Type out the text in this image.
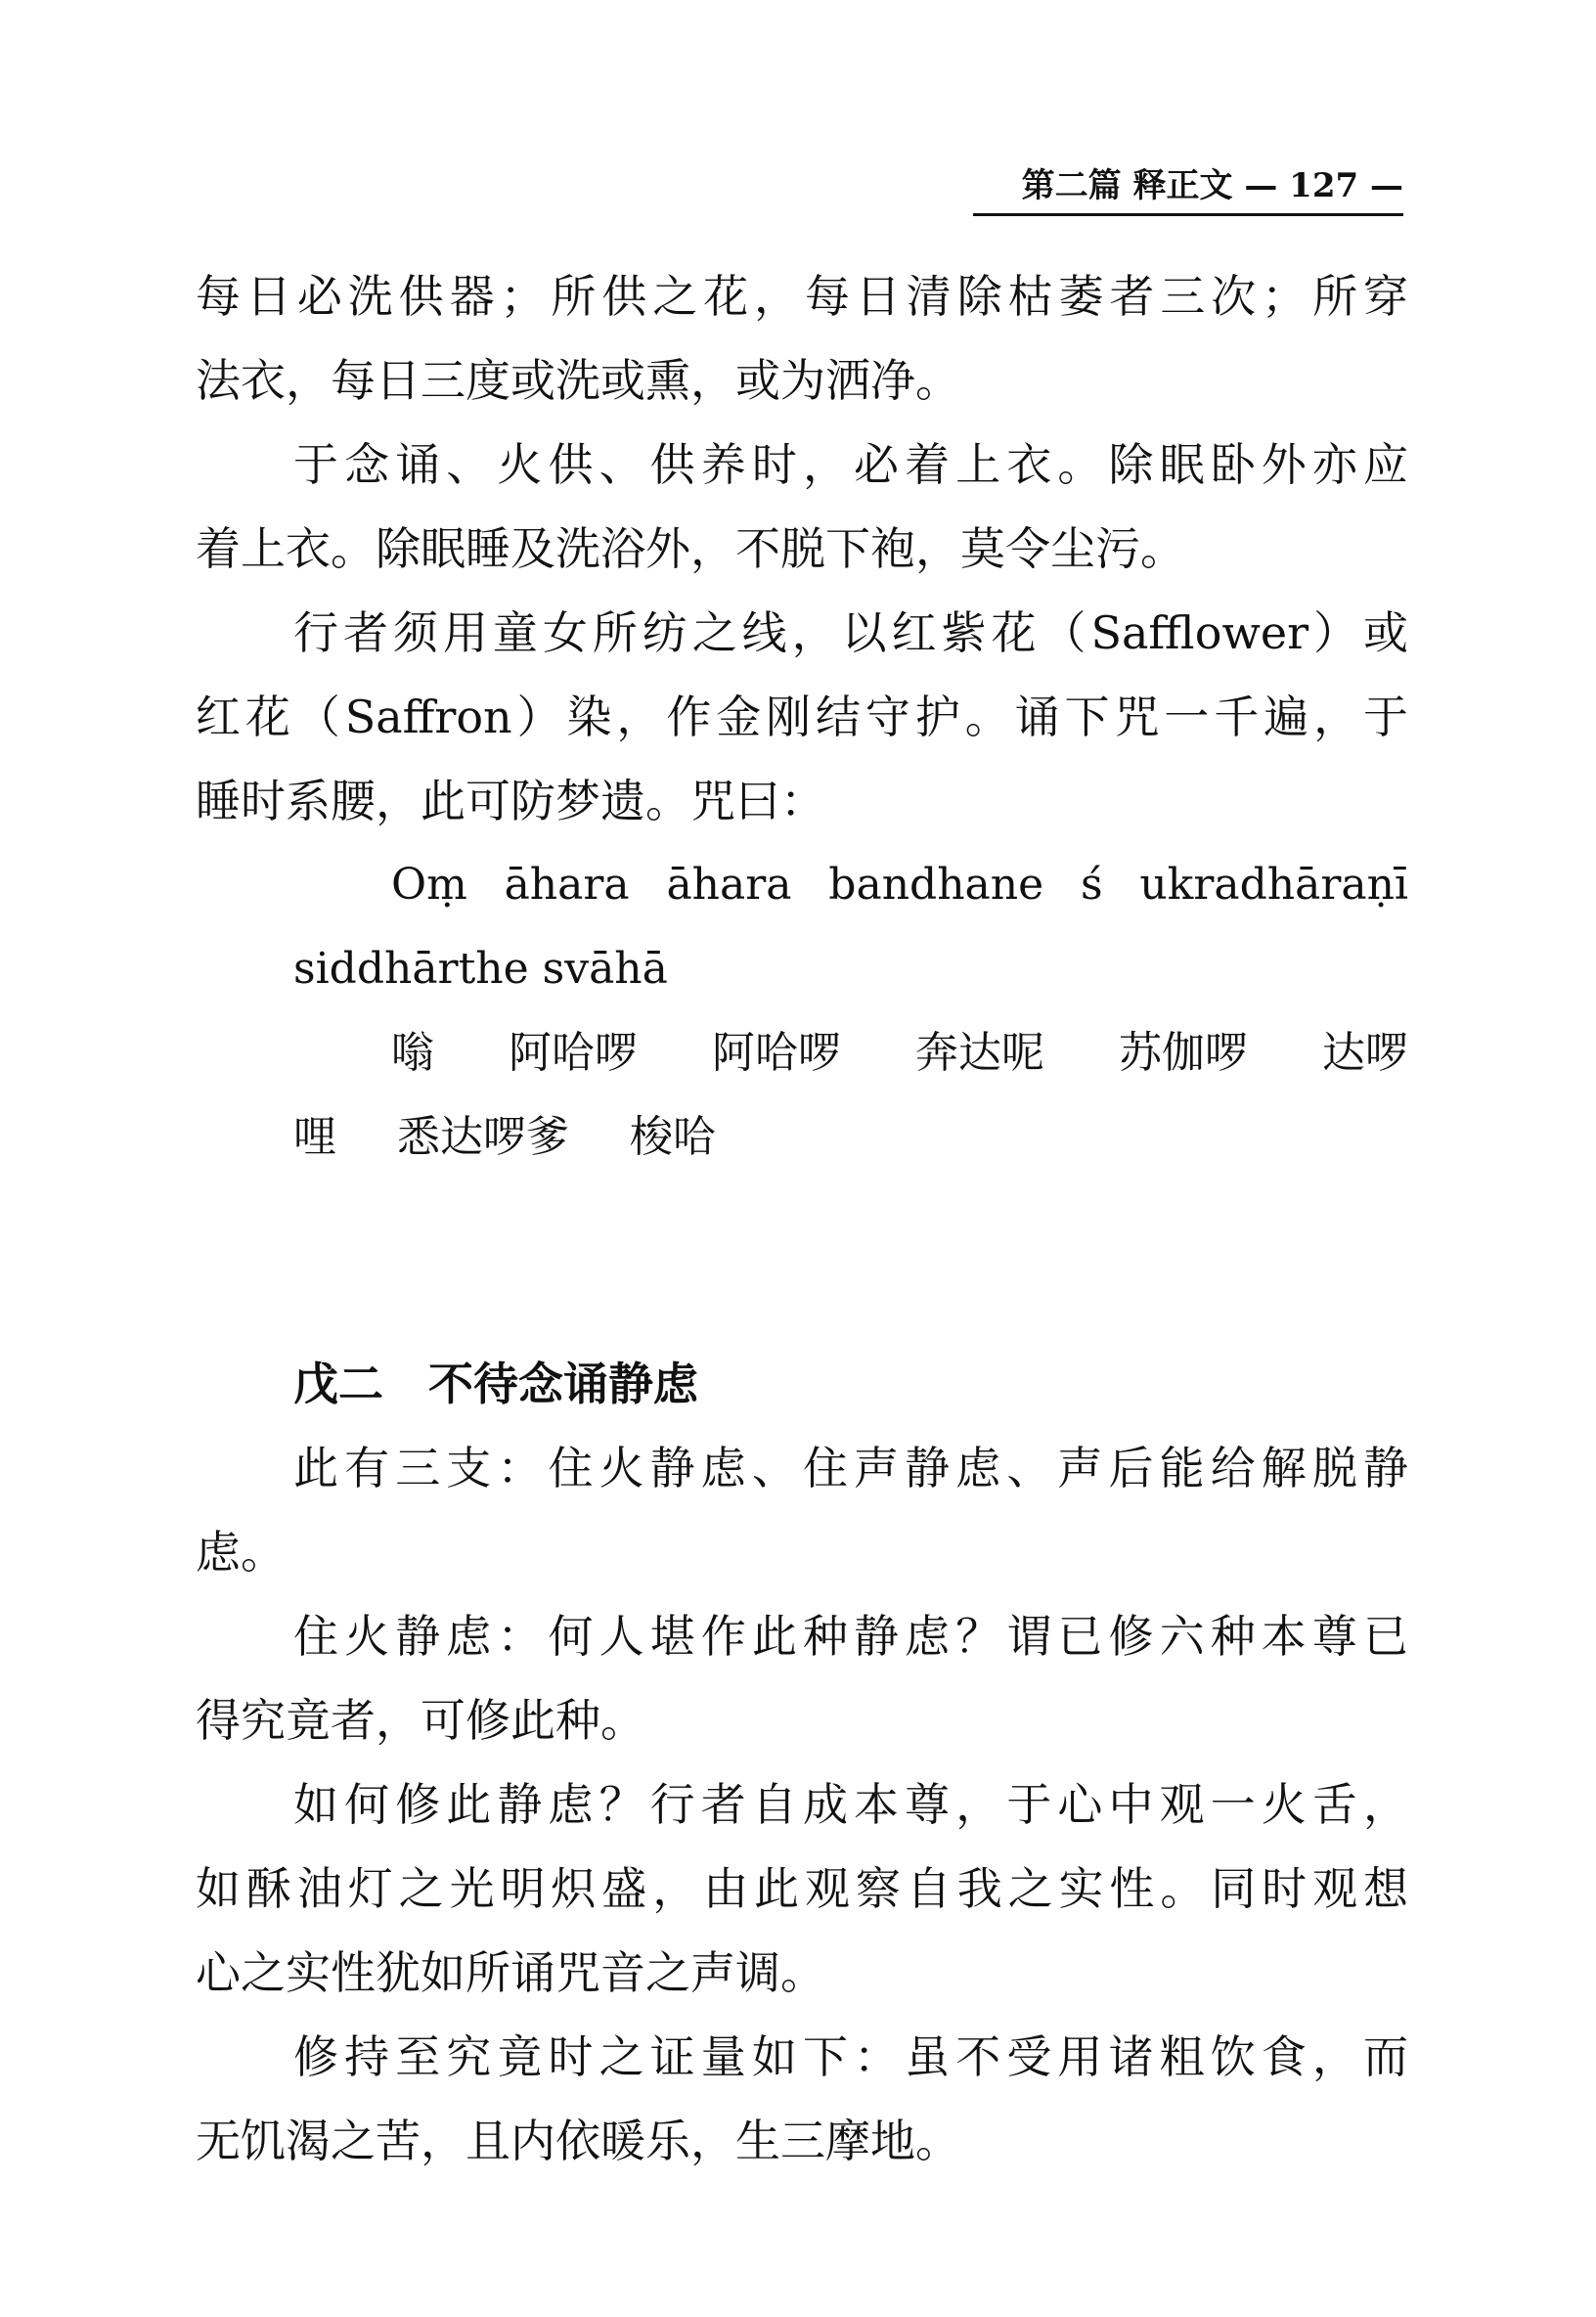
第二篇 释正文 — 127 —
每日必洗供器；所供之花，每日清除枯萎者三次；所穿
法衣，每日三度或洗或熏，或为洒净。
于念诵、火供、供养时，必着上衣。除眠卧外亦应
着上衣。除眠睡及洗浴外，不脱下袍，莫令尘污。
行者须用童女所纺之线，以红紫花（Safflower）或
红花（Saffron）染，作金刚结守护。诵下咒一千遍，于
睡时系腰，此可防梦遗。咒曰：
Oṃ āhara āhara bandhane ś ukradhāraṇī
siddhārthe svāhā
嗡 阿哈啰 阿哈啰 奔达呢 苏伽啰 达啰
哩 悉达啰爹 梭哈
戊二　不待念诵静虑
此有三支：住火静虑、住声静虑、声后能给解脱静
虑。
住火静虑：何人堪作此种静虑？谓已修六种本尊已
得究竟者，可修此种。
如何修此静虑？行者自成本尊，于心中观一火舌，
如酥油灯之光明炽盛，由此观察自我之实性。同时观想
心之实性犹如所诵咒音之声调。
修持至究竟时之证量如下：虽不受用诸粗饮食，而
无饥渴之苦，且内依暖乐，生三摩地。
